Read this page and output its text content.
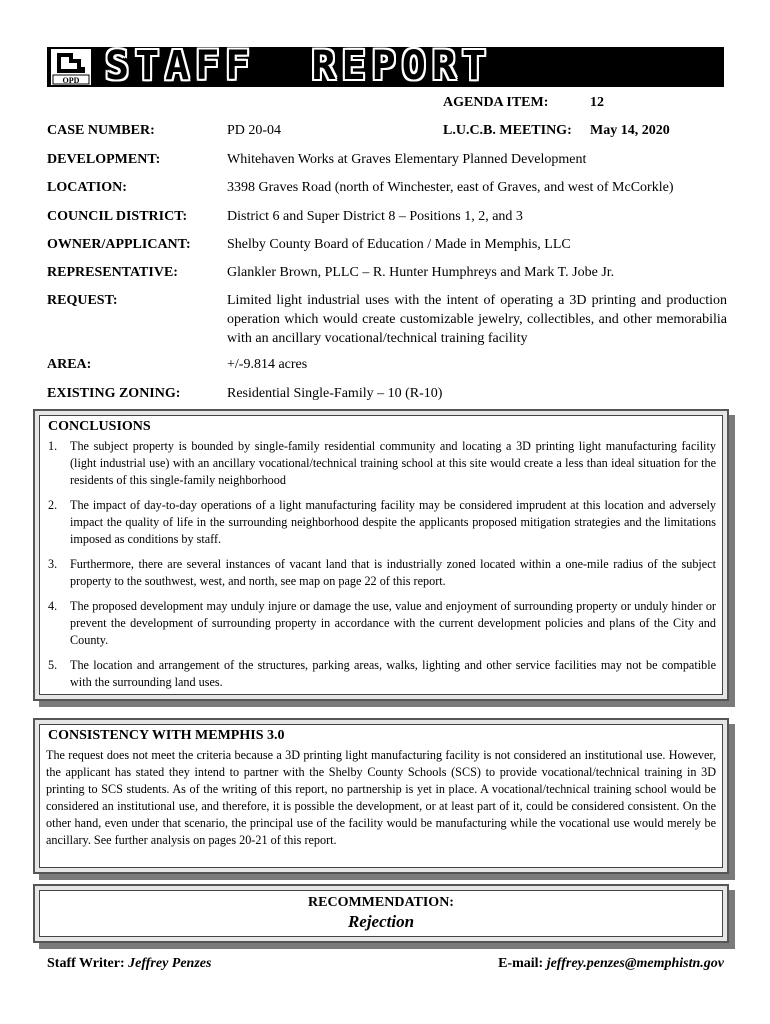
OPD STAFF REPORT
AGENDA ITEM:	12
L.U.C.B. MEETING: May 14, 2020
CASE NUMBER:	PD 20-04
DEVELOPMENT:	Whitehaven Works at Graves Elementary Planned Development
LOCATION:	3398 Graves Road (north of Winchester, east of Graves, and west of McCorkle)
COUNCIL DISTRICT:	District 6 and Super District 8 – Positions 1, 2, and 3
OWNER/APPLICANT:	Shelby County Board of Education / Made in Memphis, LLC
REPRESENTATIVE:	Glankler Brown, PLLC – R. Hunter Humphreys and Mark T. Jobe Jr.
REQUEST:	Limited light industrial uses with the intent of operating a 3D printing and production operation which would create customizable jewelry, collectibles, and other memorabilia with an ancillary vocational/technical training facility
AREA:	+/-9.814 acres
EXISTING ZONING:	Residential Single-Family – 10 (R-10)
CONCLUSIONS
1. The subject property is bounded by single-family residential community and locating a 3D printing light manufacturing facility (light industrial use) with an ancillary vocational/technical training school at this site would create a less than ideal situation for the residents of this single-family neighborhood
2. The impact of day-to-day operations of a light manufacturing facility may be considered imprudent at this location and adversely impact the quality of life in the surrounding neighborhood despite the applicants proposed mitigation strategies and the limitations imposed as conditions by staff.
3. Furthermore, there are several instances of vacant land that is industrially zoned located within a one-mile radius of the subject property to the southwest, west, and north, see map on page 22 of this report.
4. The proposed development may unduly injure or damage the use, value and enjoyment of surrounding property or unduly hinder or prevent the development of surrounding property in accordance with the current development policies and plans of the City and County.
5. The location and arrangement of the structures, parking areas, walks, lighting and other service facilities may not be compatible with the surrounding land uses.
CONSISTENCY WITH MEMPHIS 3.0
The request does not meet the criteria because a 3D printing light manufacturing facility is not considered an institutional use. However, the applicant has stated they intend to partner with the Shelby County Schools (SCS) to provide vocational/technical training in 3D printing to SCS students. As of the writing of this report, no partnership is yet in place. A vocational/technical training school would be considered an institutional use, and therefore, it is possible the development, or at least part of it, could be considered consistent. On the other hand, even under that scenario, the principal use of the facility would be manufacturing while the vocational use would merely be ancillary. See further analysis on pages 20-21 of this report.
RECOMMENDATION:
Rejection
Staff Writer: Jeffrey Penzes	E-mail: jeffrey.penzes@memphistn.gov
